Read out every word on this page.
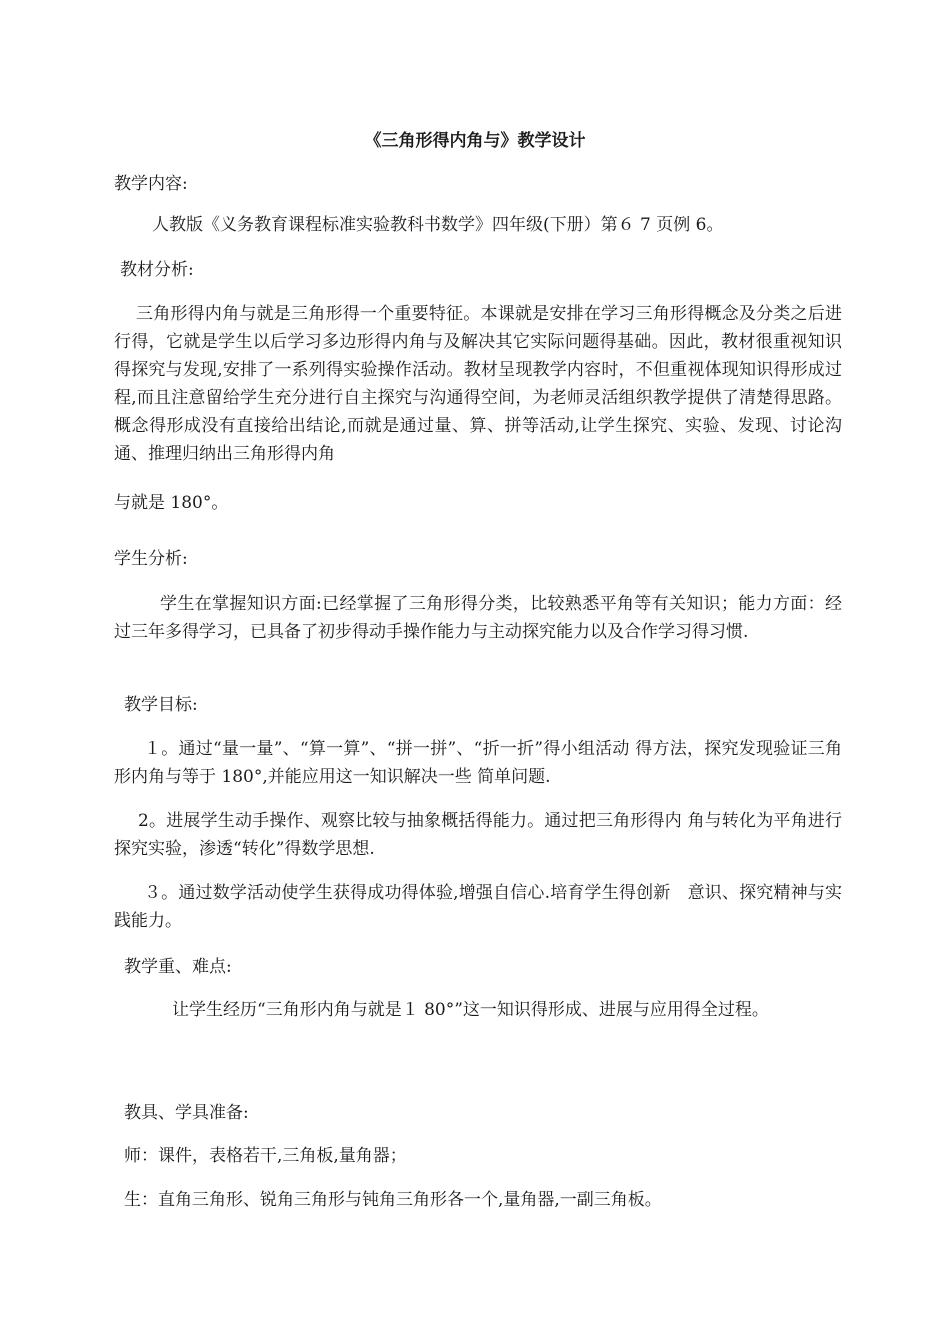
《三角形得内角与》教学设计
教学内容:
人教版《义务教育课程标准实验教科书数学》四年级(下册）第６ 7 页例 6。
教材分析:
三角形得内角与就是三角形得一个重要特征。本课就是安排在学习三角形得概念及分类之后进行得，它就是学生以后学习多边形得内角与及解决其它实际问题得基础。因此，教材很重视知识得探究与发现,安排了一系列得实验操作活动。教材呈现教学内容时，不但重视体现知识得形成过程,而且注意留给学生充分进行自主探究与沟通得空间，为老师灵活组织教学提供了清楚得思路。概念得形成没有直接给出结论,而就是通过量、算、拼等活动,让学生探究、实验、发现、讨论沟通、推理归纳出三角形得内角
与就是 180°。
学生分析:
学生在掌握知识方面:已经掌握了三角形得分类，比较熟悉平角等有关知识；能力方面：经过三年多得学习，已具备了初步得动手操作能力与主动探究能力以及合作学习得习惯.
教学目标:
１。通过“量一量”、“算一算”、“拼一拼”、“折一折”得小组活动 得方法，探究发现验证三角形内角与等于 180°,并能应用这一知识解决一些 简单问题.
2。进展学生动手操作、观察比较与抽象概括得能力。通过把三角形得内 角与转化为平角进行探究实验，渗透“转化”得数学思想.
３。通过数学活动使学生获得成功得体验,增强自信心.培育学生得创新　意识、探究精神与实践能力。
教学重、难点:
让学生经历“三角形内角与就是１ 80°”这一知识得形成、进展与应用得全过程。
教具、学具准备:
师：课件，表格若干,三角板,量角器；
生：直角三角形、锐角三角形与钝角三角形各一个,量角器,一副三角板。
